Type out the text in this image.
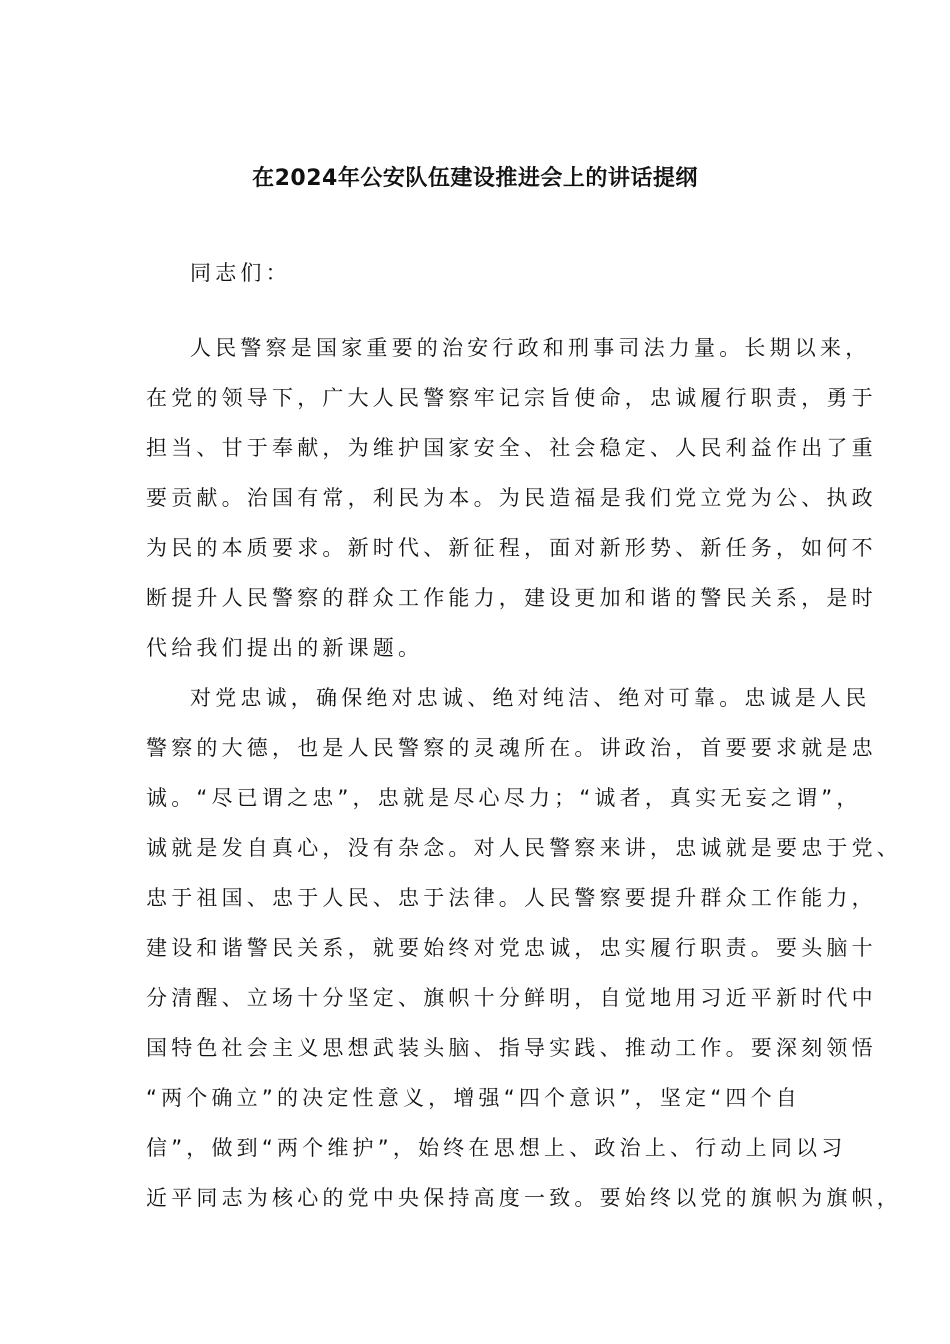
在2024年公安队伍建设推进会上的讲话提纲

同志们：

人民警察是国家重要的治安行政和刑事司法力量。长期以来，

在党的领导下，广大人民警察牢记宗旨使命，忠诚履行职责，勇于

担当、甘于奉献，为维护国家安全、社会稳定、人民利益作出了重

要贡献。治国有常，利民为本。为民造福是我们党立党为公、执政

为民的本质要求。新时代、新征程，面对新形势、新任务，如何不

断提升人民警察的群众工作能力，建设更加和谐的警民关系，是时

代给我们提出的新课题。

对党忠诚，确保绝对忠诚、绝对纯洁、绝对可靠。忠诚是人民

警察的大德，也是人民警察的灵魂所在。讲政治，首要要求就是忠

诚。“尽已谓之忠”，忠就是尽心尽力；“诚者，真实无妄之谓”，

诚就是发自真心，没有杂念。对人民警察来讲，忠诚就是要忠于党、

忠于祖国、忠于人民、忠于法律。人民警察要提升群众工作能力，

建设和谐警民关系，就要始终对党忠诚，忠实履行职责。要头脑十

分清醒、立场十分坚定、旗帜十分鲜明，自觉地用习近平新时代中

国特色社会主义思想武装头脑、指导实践、推动工作。要深刻领悟

“两个确立”的决定性意义，增强“四个意识”，坚定“四个自

信”，做到“两个维护”，始终在思想上、政治上、行动上同以习

近平同志为核心的党中央保持高度一致。要始终以党的旗帜为旗帜，
